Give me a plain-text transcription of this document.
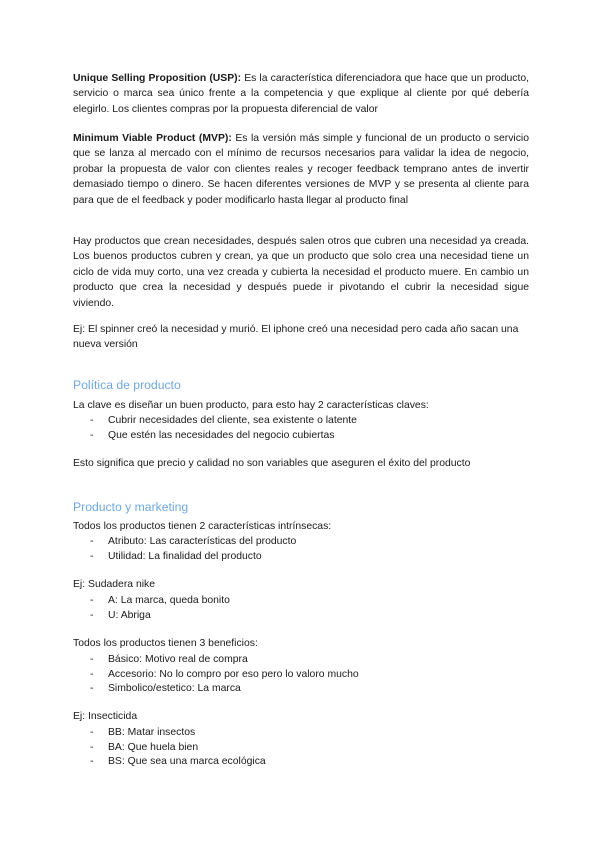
Unique Selling Proposition (USP): Es la característica diferenciadora que hace que un producto, servicio o marca sea único frente a la competencia y que explique al cliente por qué debería elegirlo. Los clientes compras por la propuesta diferencial de valor

Minimum Viable Product (MVP): Es la versión más simple y funcional de un producto o servicio que se lanza al mercado con el mínimo de recursos necesarios para validar la idea de negocio, probar la propuesta de valor con clientes reales y recoger feedback temprano antes de invertir demasiado tiempo o dinero. Se hacen diferentes versiones de MVP y se presenta al cliente para para que de el feedback y poder modificarlo hasta llegar al producto final

Hay productos que crean necesidades, después salen otros que cubren una necesidad ya creada. Los buenos productos cubren y crean, ya que un producto que solo crea una necesidad tiene un ciclo de vida muy corto, una vez creada y cubierta la necesidad el producto muere. En cambio un producto que crea la necesidad y después puede ir pivotando el cubrir la necesidad sigue viviendo.

Ej: El spinner creó la necesidad y murió. El iphone creó una necesidad pero cada año sacan una nueva versión

Política de producto

La clave es diseñar un buen producto, para esto hay 2 características claves:

- Cubrir necesidades del cliente, sea existente o latente
- Que estén las necesidades del negocio cubiertas

Esto significa que precio y calidad no son variables que aseguren el éxito del producto

Producto y marketing

Todos los productos tienen 2 características intrínsecas:

- Atributo: Las características del producto
- Utilidad: La finalidad del producto

Ej: Sudadera nike

- A: La marca, queda bonito
- U: Abriga

Todos los productos tienen 3 beneficios:

- Básico: Motivo real de compra
- Accesorio: No lo compro por eso pero lo valoro mucho
- Simbolico/estetico: La marca

Ej: Insecticida

- BB: Matar insectos
- BA: Que huela bien
- BS: Que sea una marca ecológica
